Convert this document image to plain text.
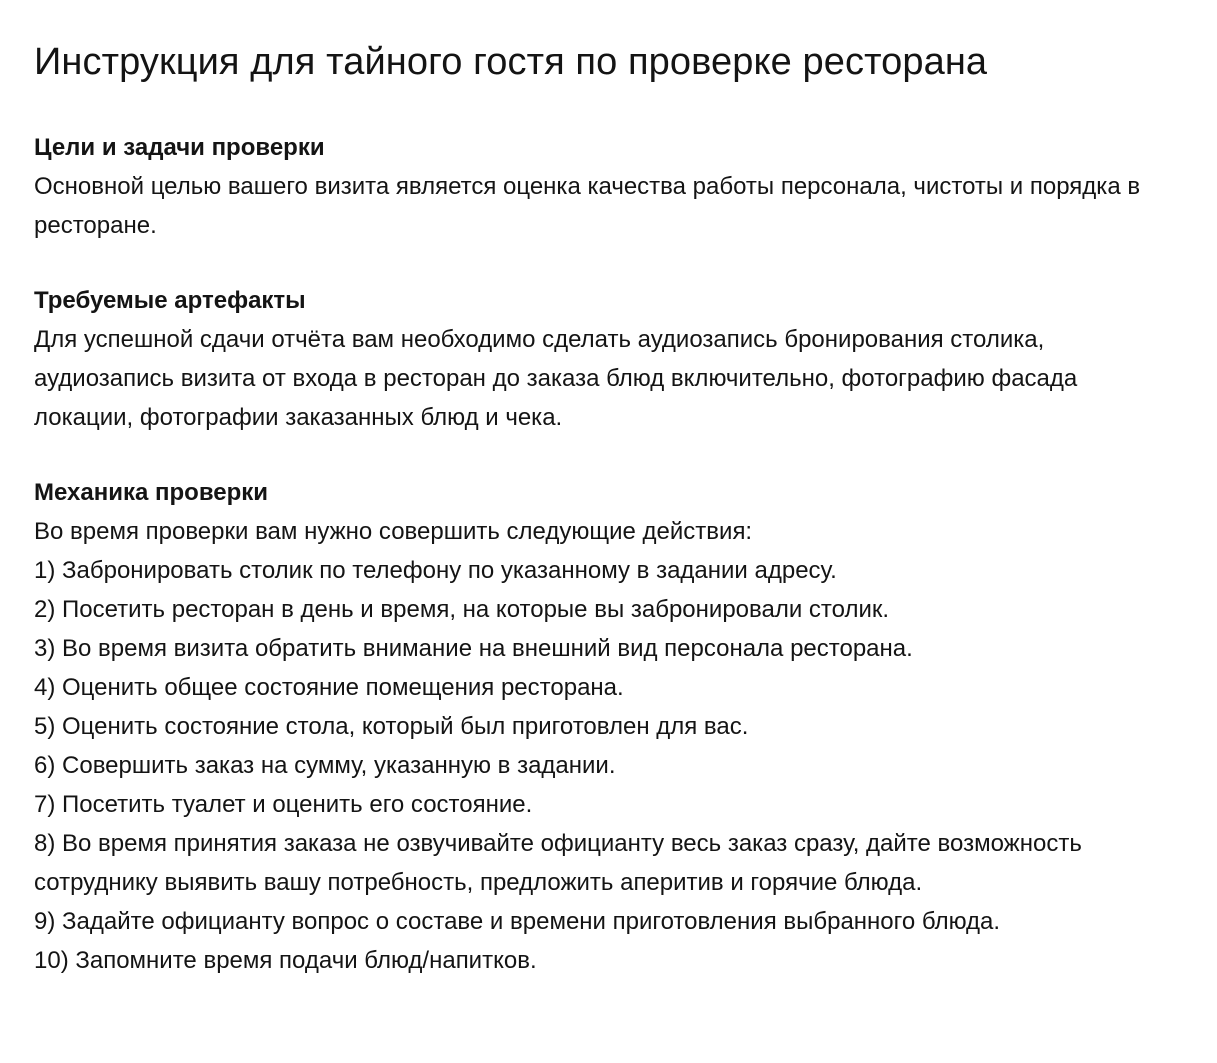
Инструкция для тайного гостя по проверке ресторана
Цели и задачи проверки

Основной целью вашего визита является оценка качества работы персонала, чистоты и порядка в ресторане.

Требуемые артефакты

Для успешной сдачи отчёта вам необходимо сделать аудиозапись бронирования столика, аудиозапись визита от входа в ресторан до заказа блюд включительно, фотографию фасада локации, фотографии заказанных блюд и чека.

Механика проверки

Во время проверки вам нужно совершить следующие действия:

1) Забронировать столик по телефону по указанному в задании адресу.
2) Посетить ресторан в день и время, на которые вы забронировали столик.
3) Во время визита обратить внимание на внешний вид персонала ресторана.
4) Оценить общее состояние помещения ресторана.
5) Оценить состояние стола, который был приготовлен для вас.
6) Совершить заказ на сумму, указанную в задании.
7) Посетить туалет и оценить его состояние.
8) Во время принятия заказа не озвучивайте официанту весь заказ сразу, дайте возможность сотруднику выявить вашу потребность, предложить аперитив и горячие блюда.
9) Задайте официанту вопрос о составе и времени приготовления выбранного блюда.
10) Запомните время подачи блюд/напитков.
